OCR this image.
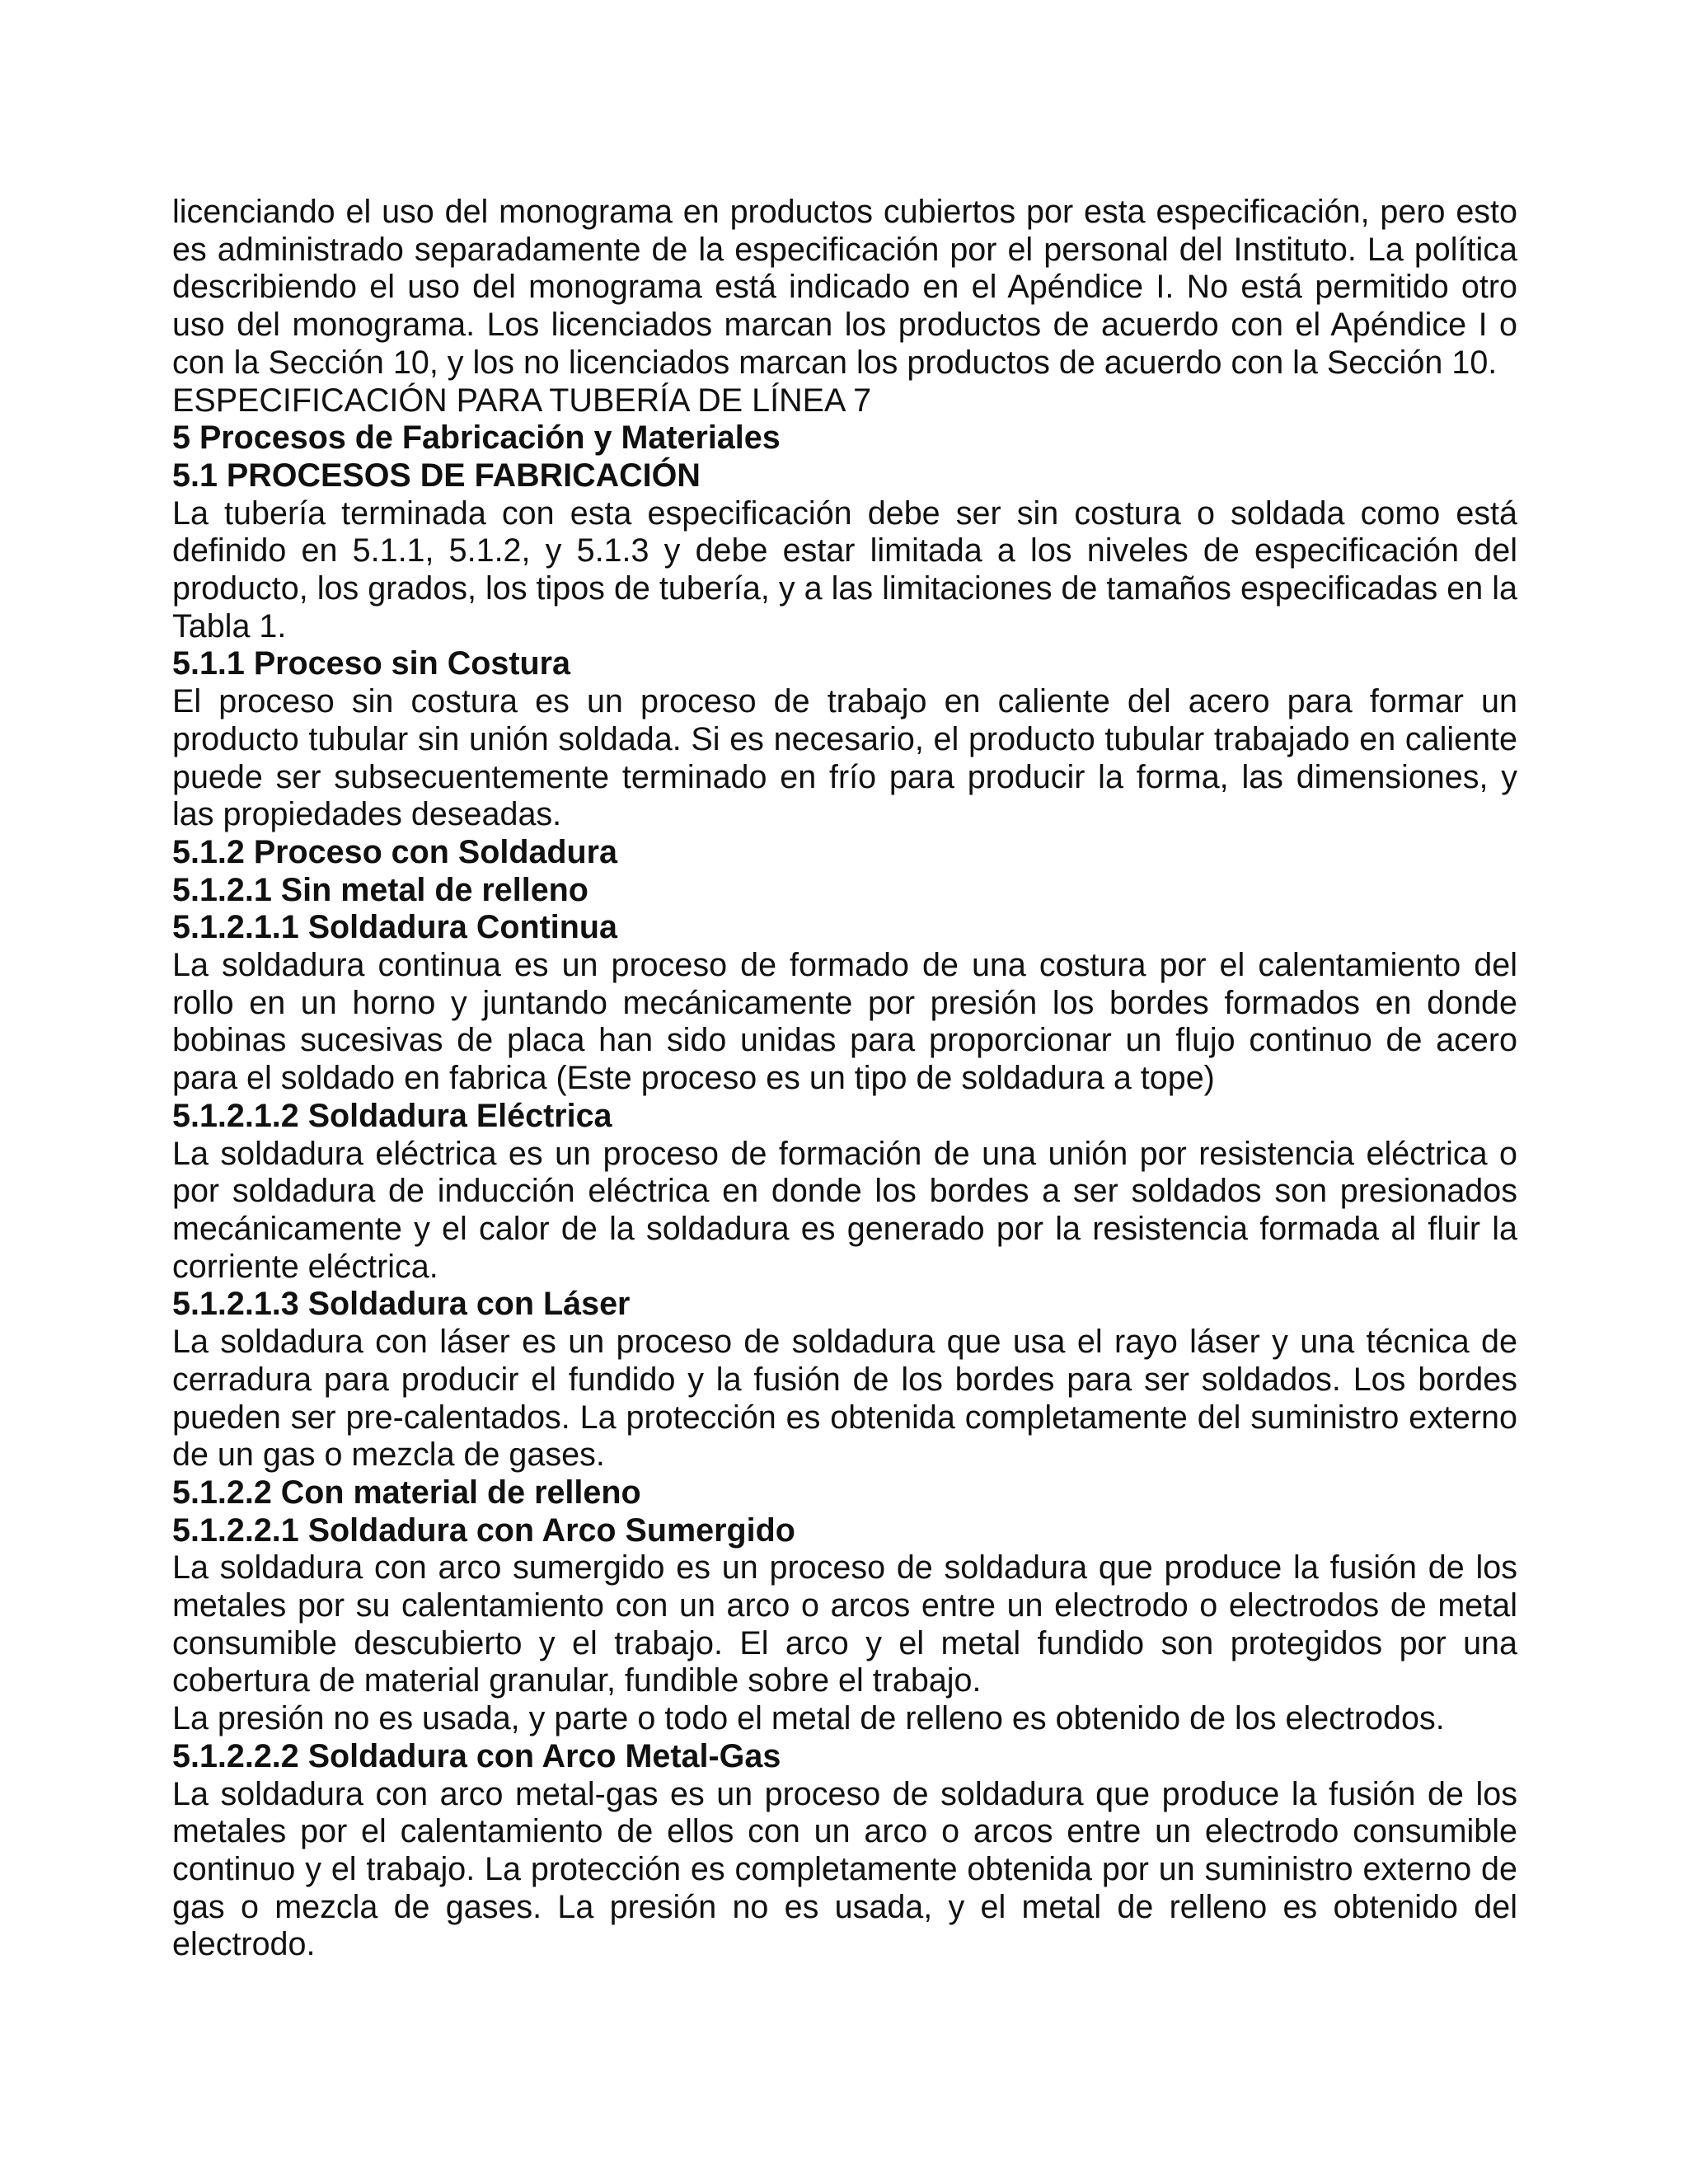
licenciando el uso del monograma en productos cubiertos por esta especificación, pero esto es administrado separadamente de la especificación por el personal del Instituto. La política describiendo el uso del monograma está indicado en el Apéndice I. No está permitido otro uso del monograma. Los licenciados marcan los productos de acuerdo con el Apéndice I o con la Sección 10, y los no licenciados marcan los productos de acuerdo con la Sección 10.

ESPECIFICACIÓN PARA TUBERÍA DE LÍNEA 7

5 Procesos de Fabricación y Materiales

5.1 PROCESOS DE FABRICACIÓN

La tubería terminada con esta especificación debe ser sin costura o soldada como está definido en 5.1.1, 5.1.2, y 5.1.3 y debe estar limitada a los niveles de especificación del producto, los grados, los tipos de tubería, y a las limitaciones de tamaños especificadas en la Tabla 1.

5.1.1 Proceso sin Costura

El proceso sin costura es un proceso de trabajo en caliente del acero para formar un producto tubular sin unión soldada. Si es necesario, el producto tubular trabajado en caliente puede ser subsecuentemente terminado en frío para producir la forma, las dimensiones, y las propiedades deseadas.

5.1.2 Proceso con Soldadura

5.1.2.1 Sin metal de relleno

5.1.2.1.1 Soldadura Continua

La soldadura continua es un proceso de formado de una costura por el calentamiento del rollo en un horno y juntando mecánicamente por presión los bordes formados en donde bobinas sucesivas de placa han sido unidas para proporcionar un flujo continuo de acero para el soldado en fabrica (Este proceso es un tipo de soldadura a tope)

5.1.2.1.2 Soldadura Eléctrica

La soldadura eléctrica es un proceso de formación de una unión por resistencia eléctrica o por soldadura de inducción eléctrica en donde los bordes a ser soldados son presionados mecánicamente y el calor de la soldadura es generado por la resistencia formada al fluir la corriente eléctrica.

5.1.2.1.3 Soldadura con Láser

La soldadura con láser es un proceso de soldadura que usa el rayo láser y una técnica de cerradura para producir el fundido y la fusión de los bordes para ser soldados. Los bordes pueden ser pre-calentados. La protección es obtenida completamente del suministro externo de un gas o mezcla de gases.

5.1.2.2 Con material de relleno

5.1.2.2.1 Soldadura con Arco Sumergido

La soldadura con arco sumergido es un proceso de soldadura que produce la fusión de los metales por su calentamiento con un arco o arcos entre un electrodo o electrodos de metal consumible descubierto y el trabajo. El arco y el metal fundido son protegidos por una cobertura de material granular, fundible sobre el trabajo.

La presión no es usada, y parte o todo el metal de relleno es obtenido de los electrodos.

5.1.2.2.2 Soldadura con Arco Metal-Gas

La soldadura con arco metal-gas es un proceso de soldadura que produce la fusión de los metales por el calentamiento de ellos con un arco o arcos entre un electrodo consumible continuo y el trabajo. La protección es completamente obtenida por un suministro externo de gas o mezcla de gases. La presión no es usada, y el metal de relleno es obtenido del electrodo.
